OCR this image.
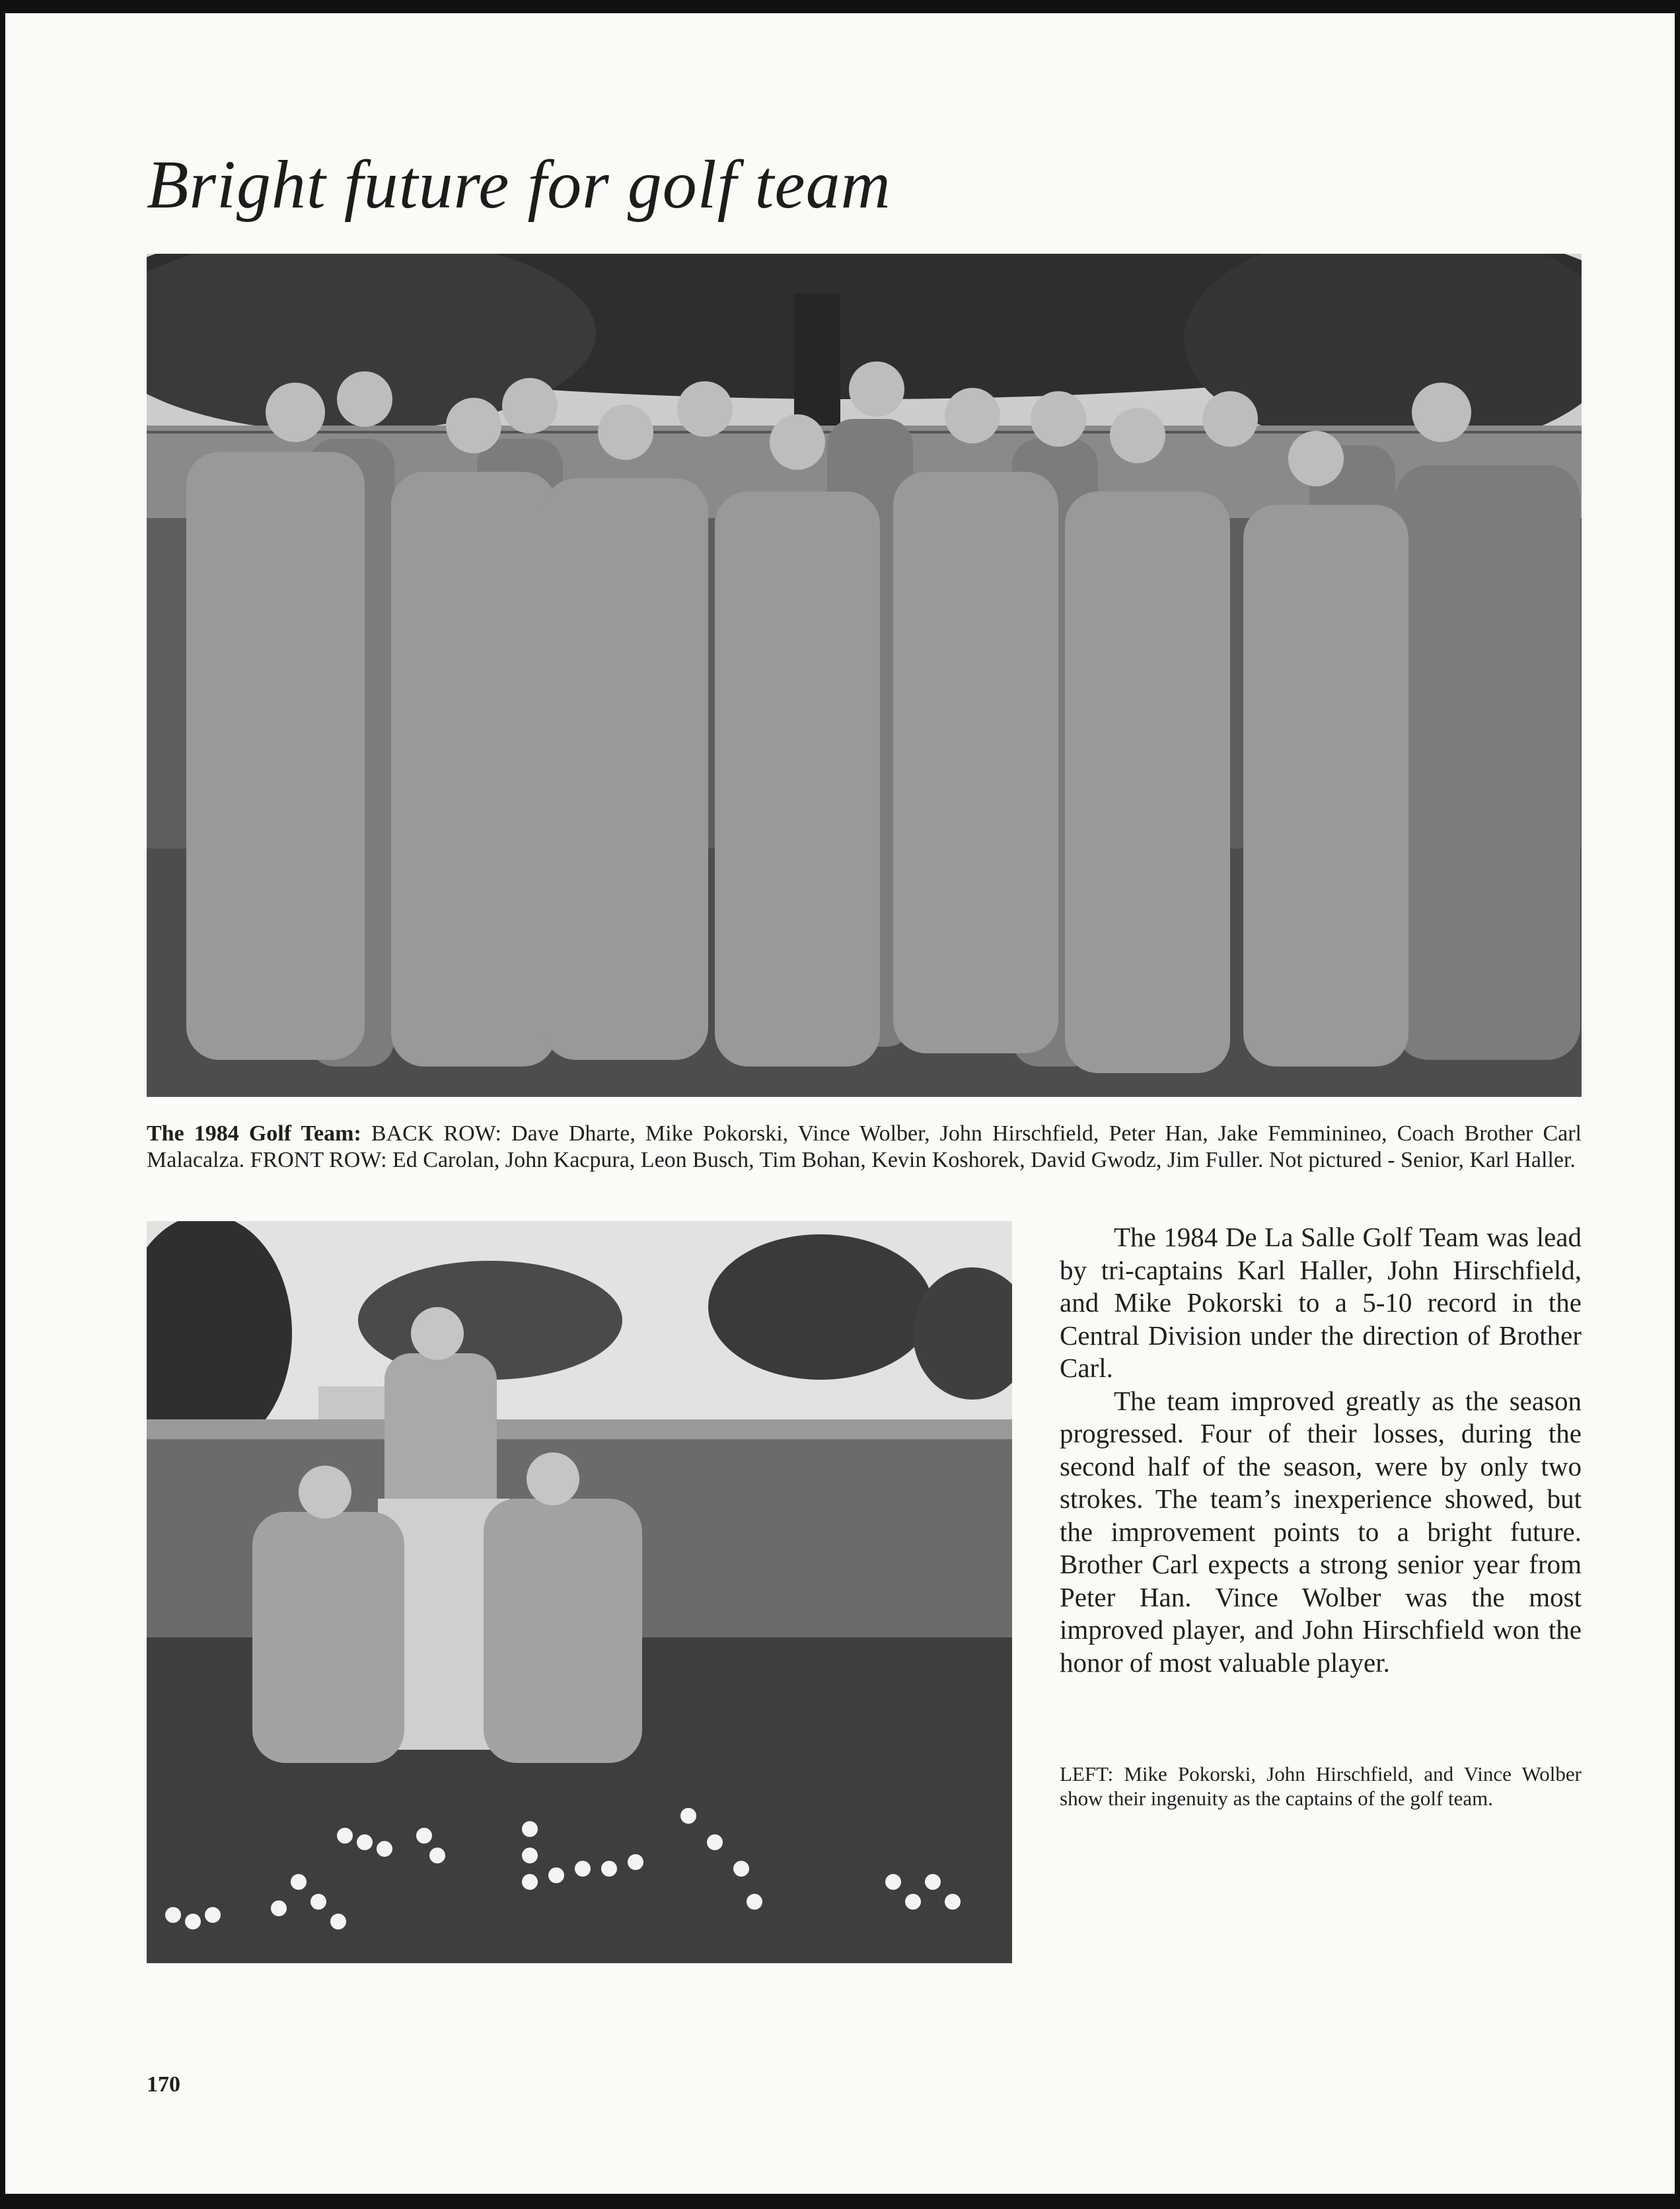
Bright future for golf team
The 1984 Golf Team: BACK ROW: Dave Dharte, Mike Pokorski, Vince Wolber, John Hirschfield, Peter Han, Jake Femminineo, Coach Brother Carl Malacalza. FRONT ROW: Ed Carolan, John Kacpura, Leon Busch, Tim Bohan, Kevin Koshorek, David Gwodz, Jim Fuller. Not pictured - Senior, Karl Haller.

The 1984 De La Salle Golf Team was lead by tri-captains Karl Haller, John Hirschfield, and Mike Pokorski to a 5-10 record in the Central Division under the direction of Brother Carl.

The team improved greatly as the season progressed. Four of their losses, during the second half of the season, were by only two strokes. The team’s inexperience showed, but the improvement points to a bright future. Brother Carl expects a strong senior year from Peter Han. Vince Wolber was the most improved player, and John Hirschfield won the honor of most valuable player.

LEFT: Mike Pokorski, John Hirschfield, and Vince Wolber show their ingenuity as the captains of the golf team.
170
